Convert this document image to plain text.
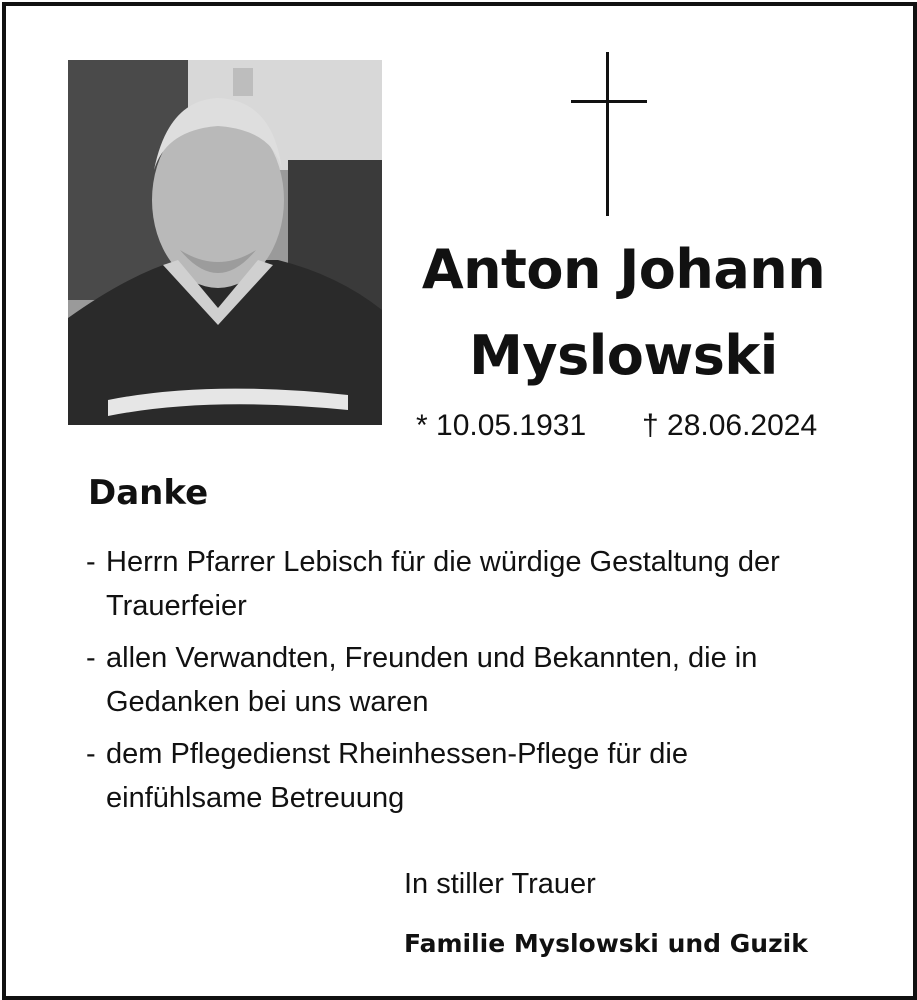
Anton Johann
Myslowski
* 10.05.1931 † 28.06.2024
Danke
- Herrn Pfarrer Lebisch für die würdige Gestaltung der Trauerfeier
- allen Verwandten, Freunden und Bekannten, die in Gedanken bei uns waren
- dem Pflegedienst Rheinhessen-Pflege für die einfühlsame Betreuung
In stiller Trauer
Familie Myslowski und Guzik
